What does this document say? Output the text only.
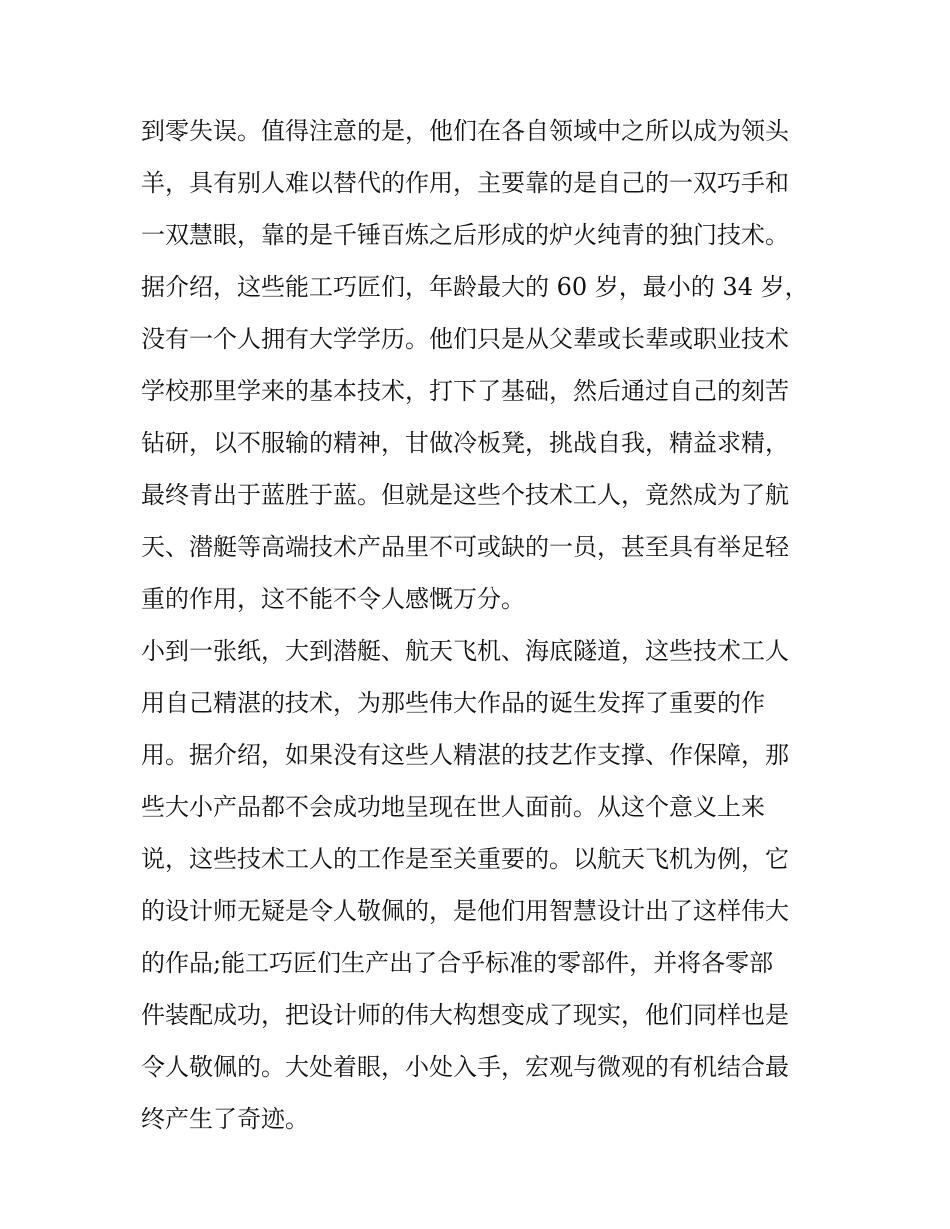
到零失误。值得注意的是，他们在各自领域中之所以成为领头
羊，具有别人难以替代的作用，主要靠的是自己的一双巧手和
一双慧眼，靠的是千锤百炼之后形成的炉火纯青的独门技术。
据介绍，这些能工巧匠们，年龄最大的 60 岁，最小的 34 岁，
没有一个人拥有大学学历。他们只是从父辈或长辈或职业技术
学校那里学来的基本技术，打下了基础，然后通过自己的刻苦
钻研，以不服输的精神，甘做冷板凳，挑战自我，精益求精，
最终青出于蓝胜于蓝。但就是这些个技术工人，竟然成为了航
天、潜艇等高端技术产品里不可或缺的一员，甚至具有举足轻
重的作用，这不能不令人感慨万分。
小到一张纸，大到潜艇、航天飞机、海底隧道，这些技术工人
用自己精湛的技术，为那些伟大作品的诞生发挥了重要的作
用。据介绍，如果没有这些人精湛的技艺作支撑、作保障，那
些大小产品都不会成功地呈现在世人面前。从这个意义上来
说，这些技术工人的工作是至关重要的。以航天飞机为例，它
的设计师无疑是令人敬佩的，是他们用智慧设计出了这样伟大
的作品;能工巧匠们生产出了合乎标准的零部件，并将各零部
件装配成功，把设计师的伟大构想变成了现实，他们同样也是
令人敬佩的。大处着眼，小处入手，宏观与微观的有机结合最
终产生了奇迹。
